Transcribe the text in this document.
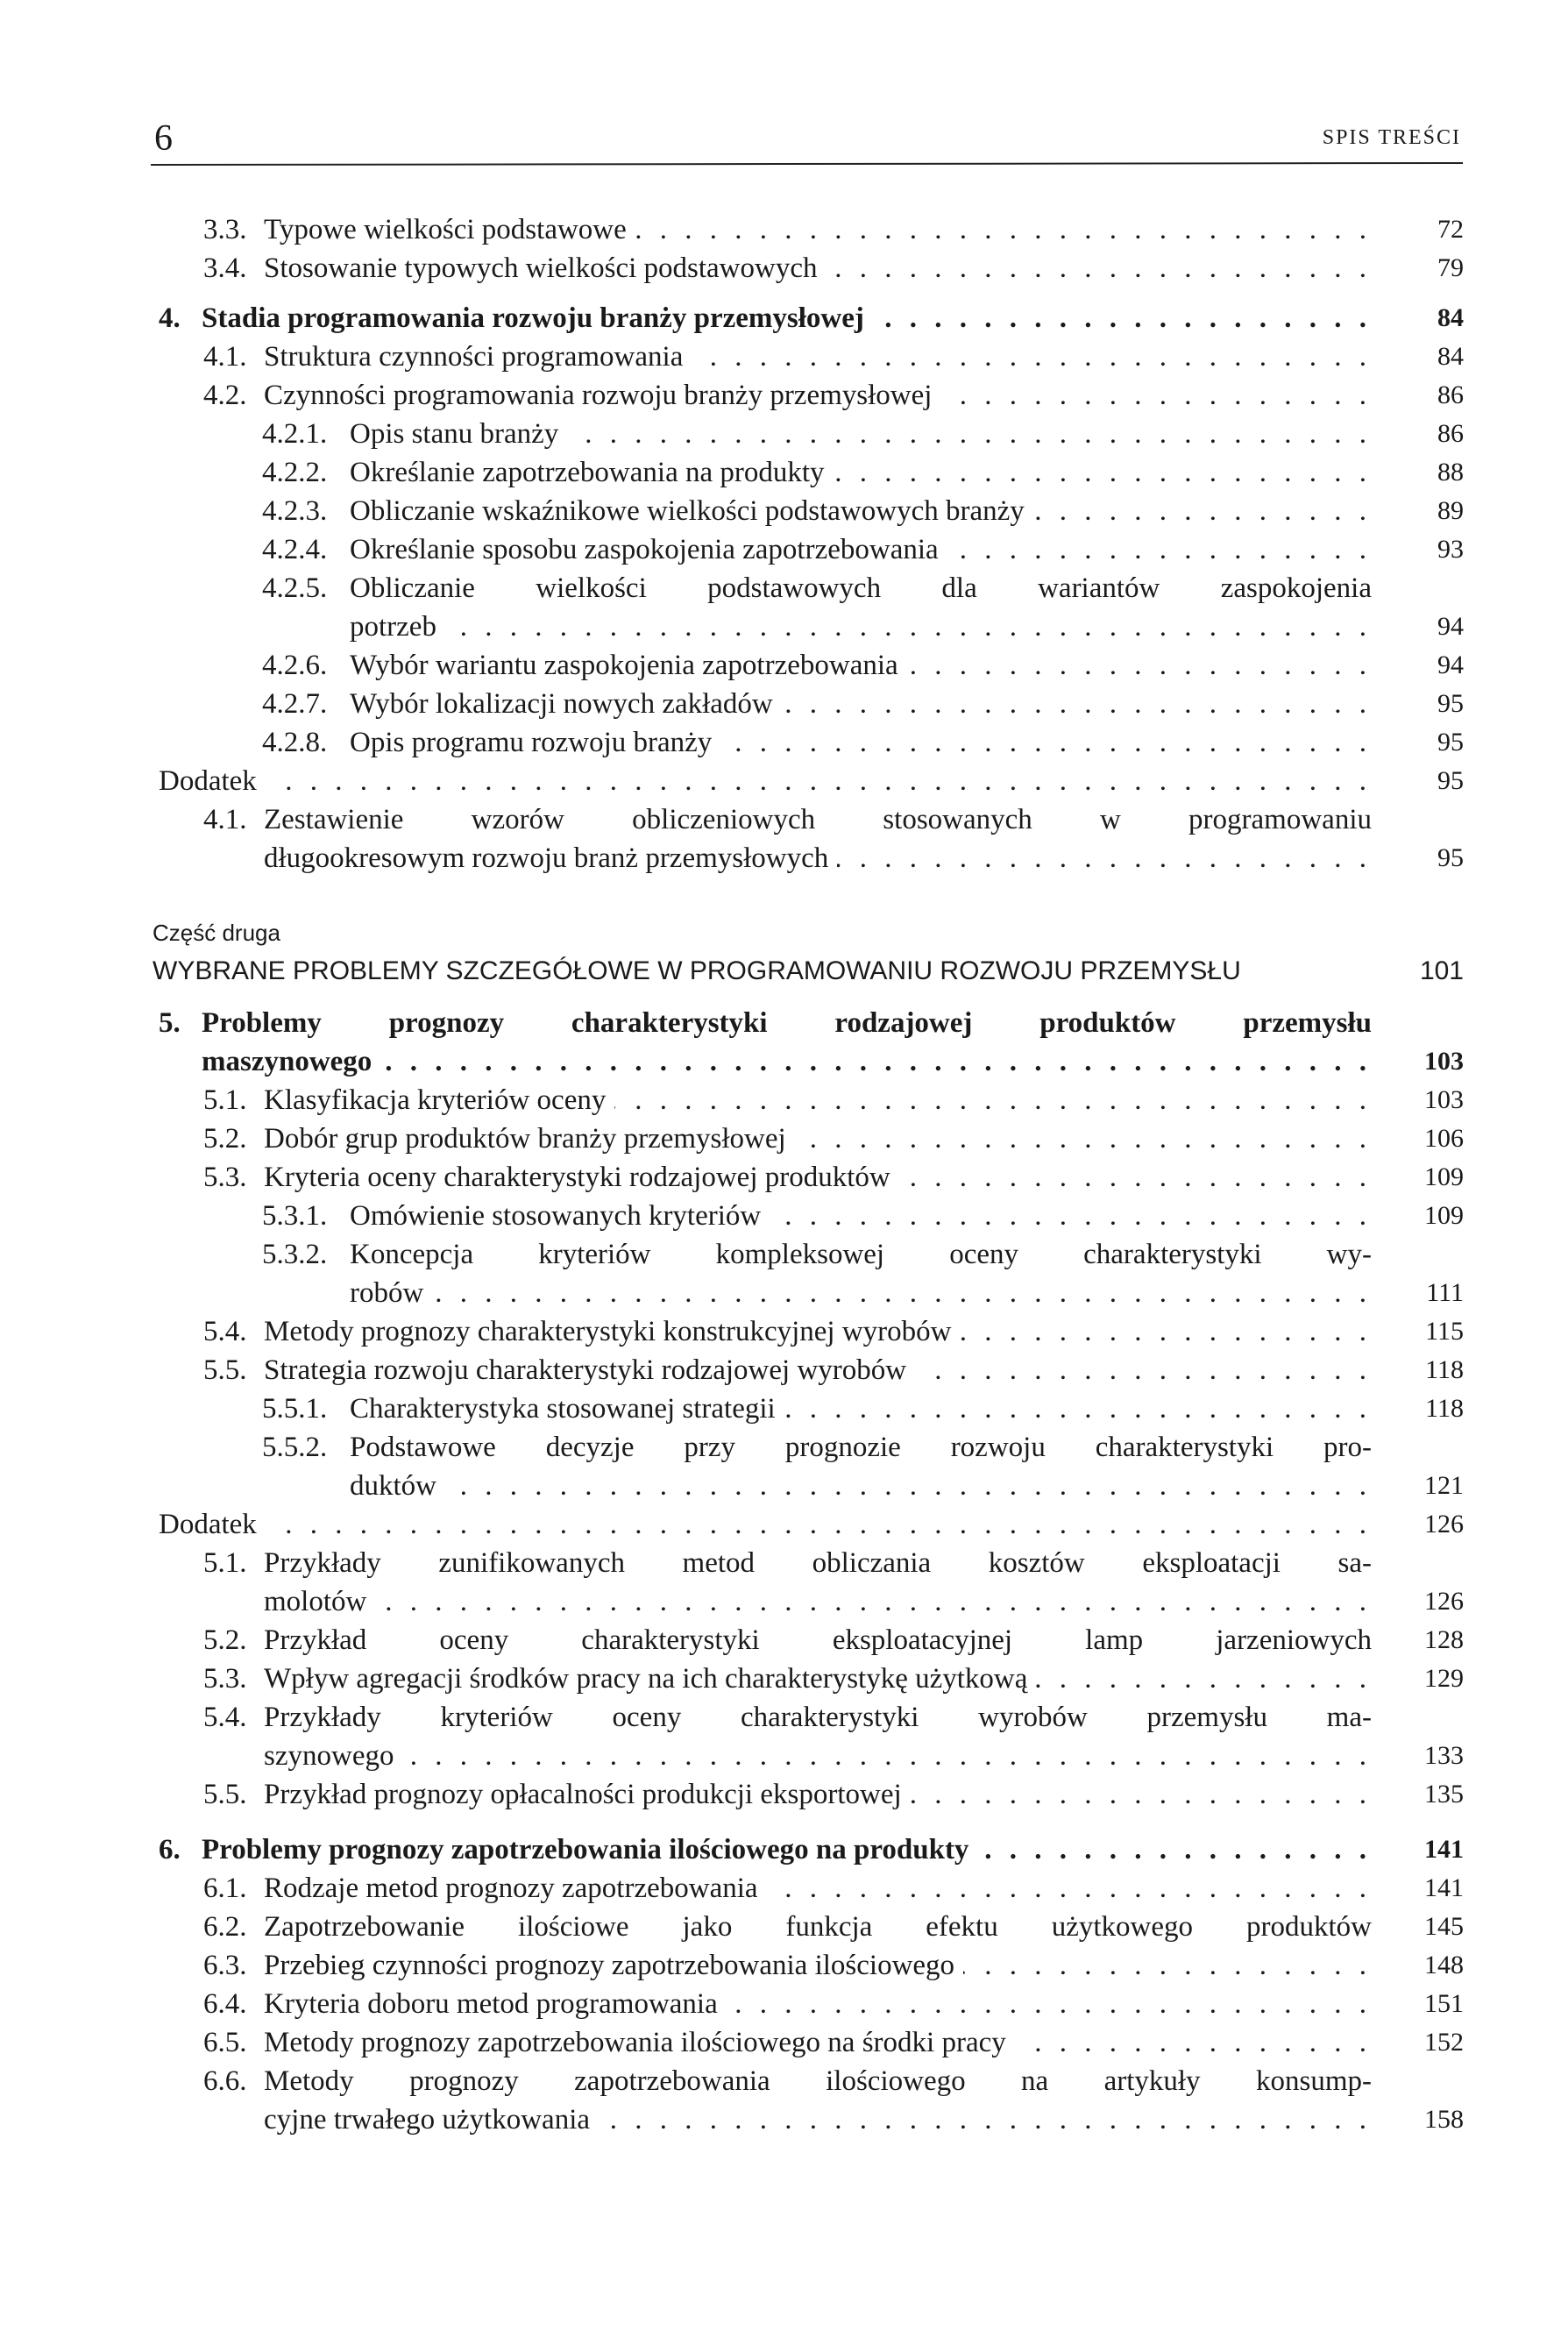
6	SPIS TREŚCI
3.3. Typowe wielkości podstawowe . . .	72
3.4. Stosowanie typowych wielkości podstawowych . . .	79
4. Stadia programowania rozwoju branży przemysłowej . . .	84
4.1. Struktura czynności programowania . . .	84
4.2. Czynności programowania rozwoju branży przemysłowej . . .	86
4.2.1. Opis stanu branży . . .	86
4.2.2. Określanie zapotrzebowania na produkty . . .	88
4.2.3. Obliczanie wskaźnikowe wielkości podstawowych branży . . .	89
4.2.4. Określanie sposobu zaspokojenia zapotrzebowania . . .	93
4.2.5. Obliczanie wielkości podstawowych dla wariantów zaspokojenia
potrzeb . . .	94
4.2.6. Wybór wariantu zaspokojenia zapotrzebowania . . .	94
4.2.7. Wybór lokalizacji nowych zakładów . . .	95
4.2.8. Opis programu rozwoju branży . . .	95
Dodatek . . .	95
4.1. Zestawienie wzorów obliczeniowych stosowanych w programowaniu
długookresowym rozwoju branż przemysłowych . . .	95
Część druga
WYBRANE PROBLEMY SZCZEGÓŁOWE W PROGRAMOWANIU ROZWOJU PRZEMYSŁU	101
5. Problemy prognozy charakterystyki rodzajowej produktów przemysłu
maszynowego . . .	103
5.1. Klasyfikacja kryteriów oceny . . .	103
5.2. Dobór grup produktów branży przemysłowej . . .	106
5.3. Kryteria oceny charakterystyki rodzajowej produktów . . .	109
5.3.1. Omówienie stosowanych kryteriów . . .	109
5.3.2. Koncepcja kryteriów kompleksowej oceny charakterystyki wy-
robów . . .	111
5.4. Metody prognozy charakterystyki konstrukcyjnej wyrobów . . .	115
5.5. Strategia rozwoju charakterystyki rodzajowej wyrobów . . .	118
5.5.1. Charakterystyka stosowanej strategii . . .	118
5.5.2. Podstawowe decyzje przy prognozie rozwoju charakterystyki pro-
duktów . . .	121
Dodatek . . .	126
5.1. Przykłady zunifikowanych metod obliczania kosztów eksploatacji sa-
molotów . . .	126
5.2. Przykład oceny charakterystyki eksploatacyjnej lamp jarzeniowych 128
5.3. Wpływ agregacji środków pracy na ich charakterystykę użytkową . . .	129
5.4. Przykłady kryteriów oceny charakterystyki wyrobów przemysłu ma-
szynowego . . .	133
5.5. Przykład prognozy opłacalności produkcji eksportowej . . .	135
6. Problemy prognozy zapotrzebowania ilościowego na produkty . . .	141
6.1. Rodzaje metod prognozy zapotrzebowania . . .	141
6.2. Zapotrzebowanie ilościowe jako funkcja efektu użytkowego produktów 145
6.3. Przebieg czynności prognozy zapotrzebowania ilościowego . . .	148
6.4. Kryteria doboru metod programowania . . .	151
6.5. Metody prognozy zapotrzebowania ilościowego na środki pracy . . .	152
6.6. Metody prognozy zapotrzebowania ilościowego na artykuły konsump-
cyjne trwałego użytkowania . . .	158
